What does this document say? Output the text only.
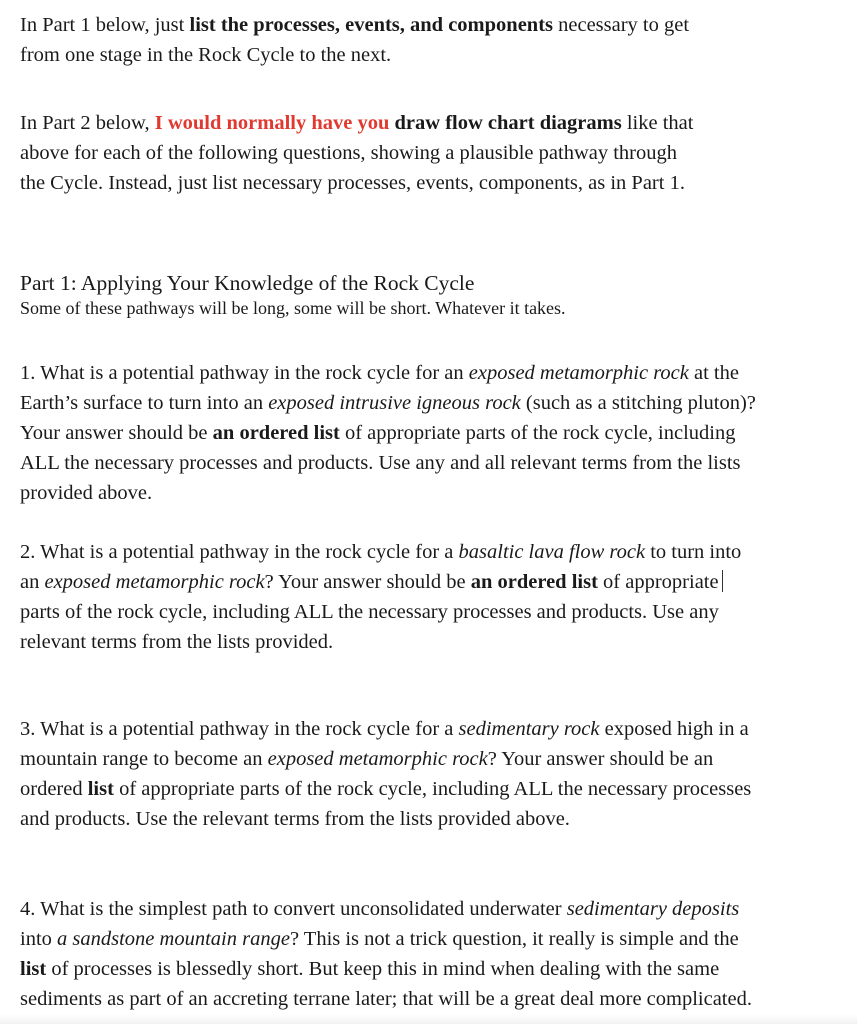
In Part 1 below, just list the processes, events, and components necessary to get
from one stage in the Rock Cycle to the next.
In Part 2 below, I would normally have you draw flow chart diagrams like that
above for each of the following questions, showing a plausible pathway through
the Cycle. Instead, just list necessary processes, events, components, as in Part 1.
Part 1: Applying Your Knowledge of the Rock Cycle
Some of these pathways will be long, some will be short. Whatever it takes.
1. What is a potential pathway in the rock cycle for an exposed metamorphic rock at the
Earth’s surface to turn into an exposed intrusive igneous rock (such as a stitching pluton)?
Your answer should be an ordered list of appropriate parts of the rock cycle, including
ALL the necessary processes and products. Use any and all relevant terms from the lists
provided above.
2. What is a potential pathway in the rock cycle for a basaltic lava flow rock to turn into
an exposed metamorphic rock? Your answer should be an ordered list of appropriate
parts of the rock cycle, including ALL the necessary processes and products. Use any
relevant terms from the lists provided.
3. What is a potential pathway in the rock cycle for a sedimentary rock exposed high in a
mountain range to become an exposed metamorphic rock? Your answer should be an
ordered list of appropriate parts of the rock cycle, including ALL the necessary processes
and products. Use the relevant terms from the lists provided above.
4. What is the simplest path to convert unconsolidated underwater sedimentary deposits
into a sandstone mountain range? This is not a trick question, it really is simple and the
list of processes is blessedly short. But keep this in mind when dealing with the same
sediments as part of an accreting terrane later; that will be a great deal more complicated.
